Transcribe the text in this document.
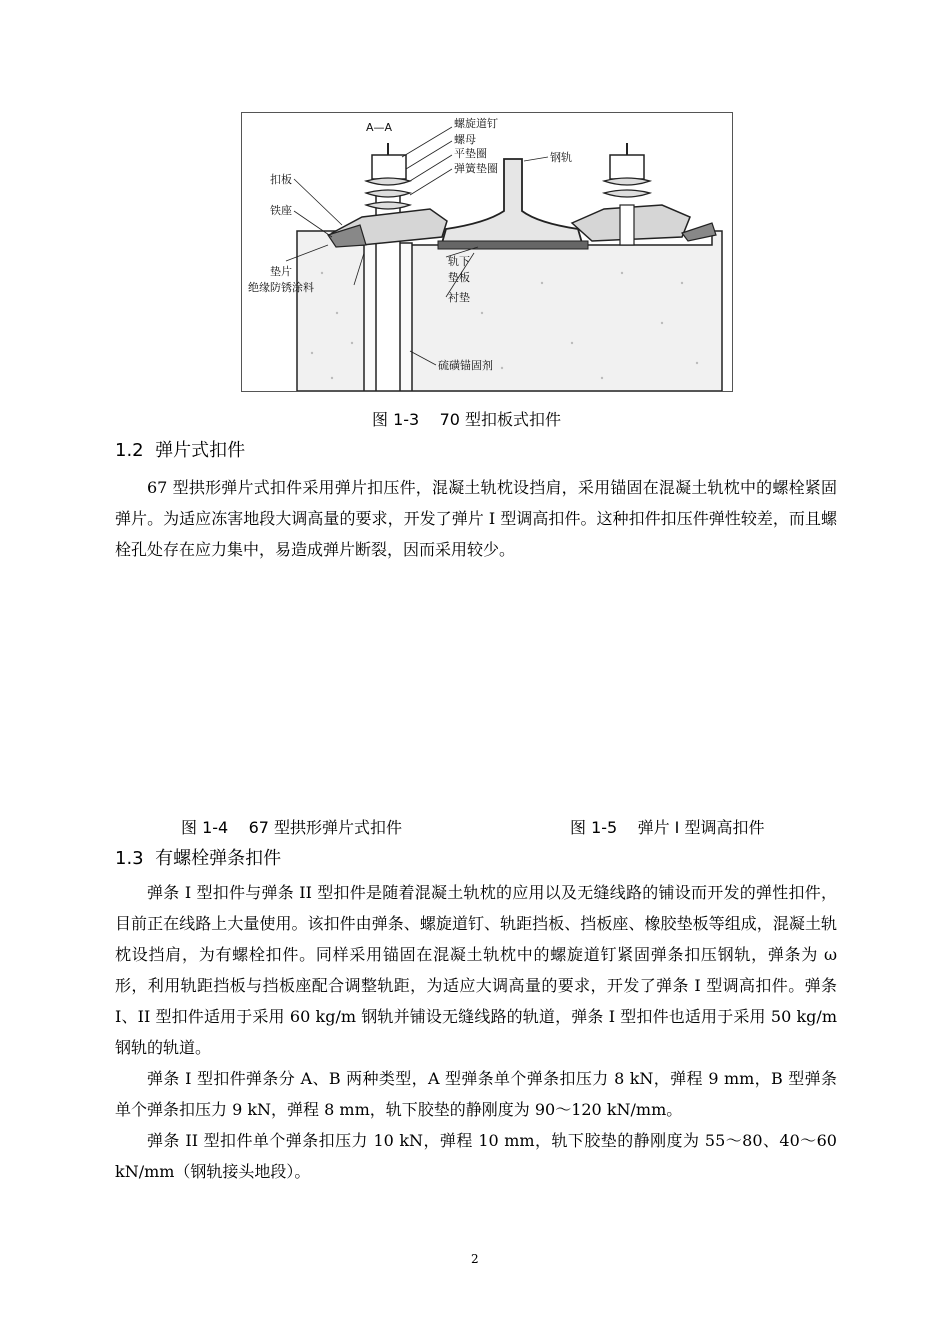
A—A	螺旋道钉
螺母
平垫圈
弹簧垫圈
钢轨
扣板
铁座
垫片
绝缘防锈涂料
轨下
垫板
衬垫
硫磺锚固剂
图 1-3    70 型扣板式扣件
1.2  弹片式扣件

67 型拱形弹片式扣件采用弹片扣压件，混凝土轨枕设挡肩，采用锚固在混凝土轨枕中的螺栓紧固弹片。为适应冻害地段大调高量的要求，开发了弹片 I 型调高扣件。这种扣件扣压件弹性较差，而且螺栓孔处存在应力集中，易造成弹片断裂，因而采用较少。

图 1-4    67 型拱形弹片式扣件	图 1-5    弹片 I 型调高扣件
1.3  有螺栓弹条扣件

弹条 I 型扣件与弹条 II 型扣件是随着混凝土轨枕的应用以及无缝线路的铺设而开发的弹性扣件，目前正在线路上大量使用。该扣件由弹条、螺旋道钉、轨距挡板、挡板座、橡胶垫板等组成，混凝土轨枕设挡肩，为有螺栓扣件。同样采用锚固在混凝土轨枕中的螺旋道钉紧固弹条扣压钢轨，弹条为 ω 形，利用轨距挡板与挡板座配合调整轨距，为适应大调高量的要求，开发了弹条 I 型调高扣件。弹条 I、II 型扣件适用于采用 60 kg/m 钢轨并铺设无缝线路的轨道，弹条 I 型扣件也适用于采用 50 kg/m 钢轨的轨道。

弹条 I 型扣件弹条分 A、B 两种类型，A 型弹条单个弹条扣压力 8 kN，弹程 9 mm，B 型弹条单个弹条扣压力 9 kN，弹程 8 mm，轨下胶垫的静刚度为 90～120 kN/mm。

弹条 II 型扣件单个弹条扣压力 10 kN，弹程 10 mm，轨下胶垫的静刚度为 55～80、40～60 kN/mm（钢轨接头地段）。

2
